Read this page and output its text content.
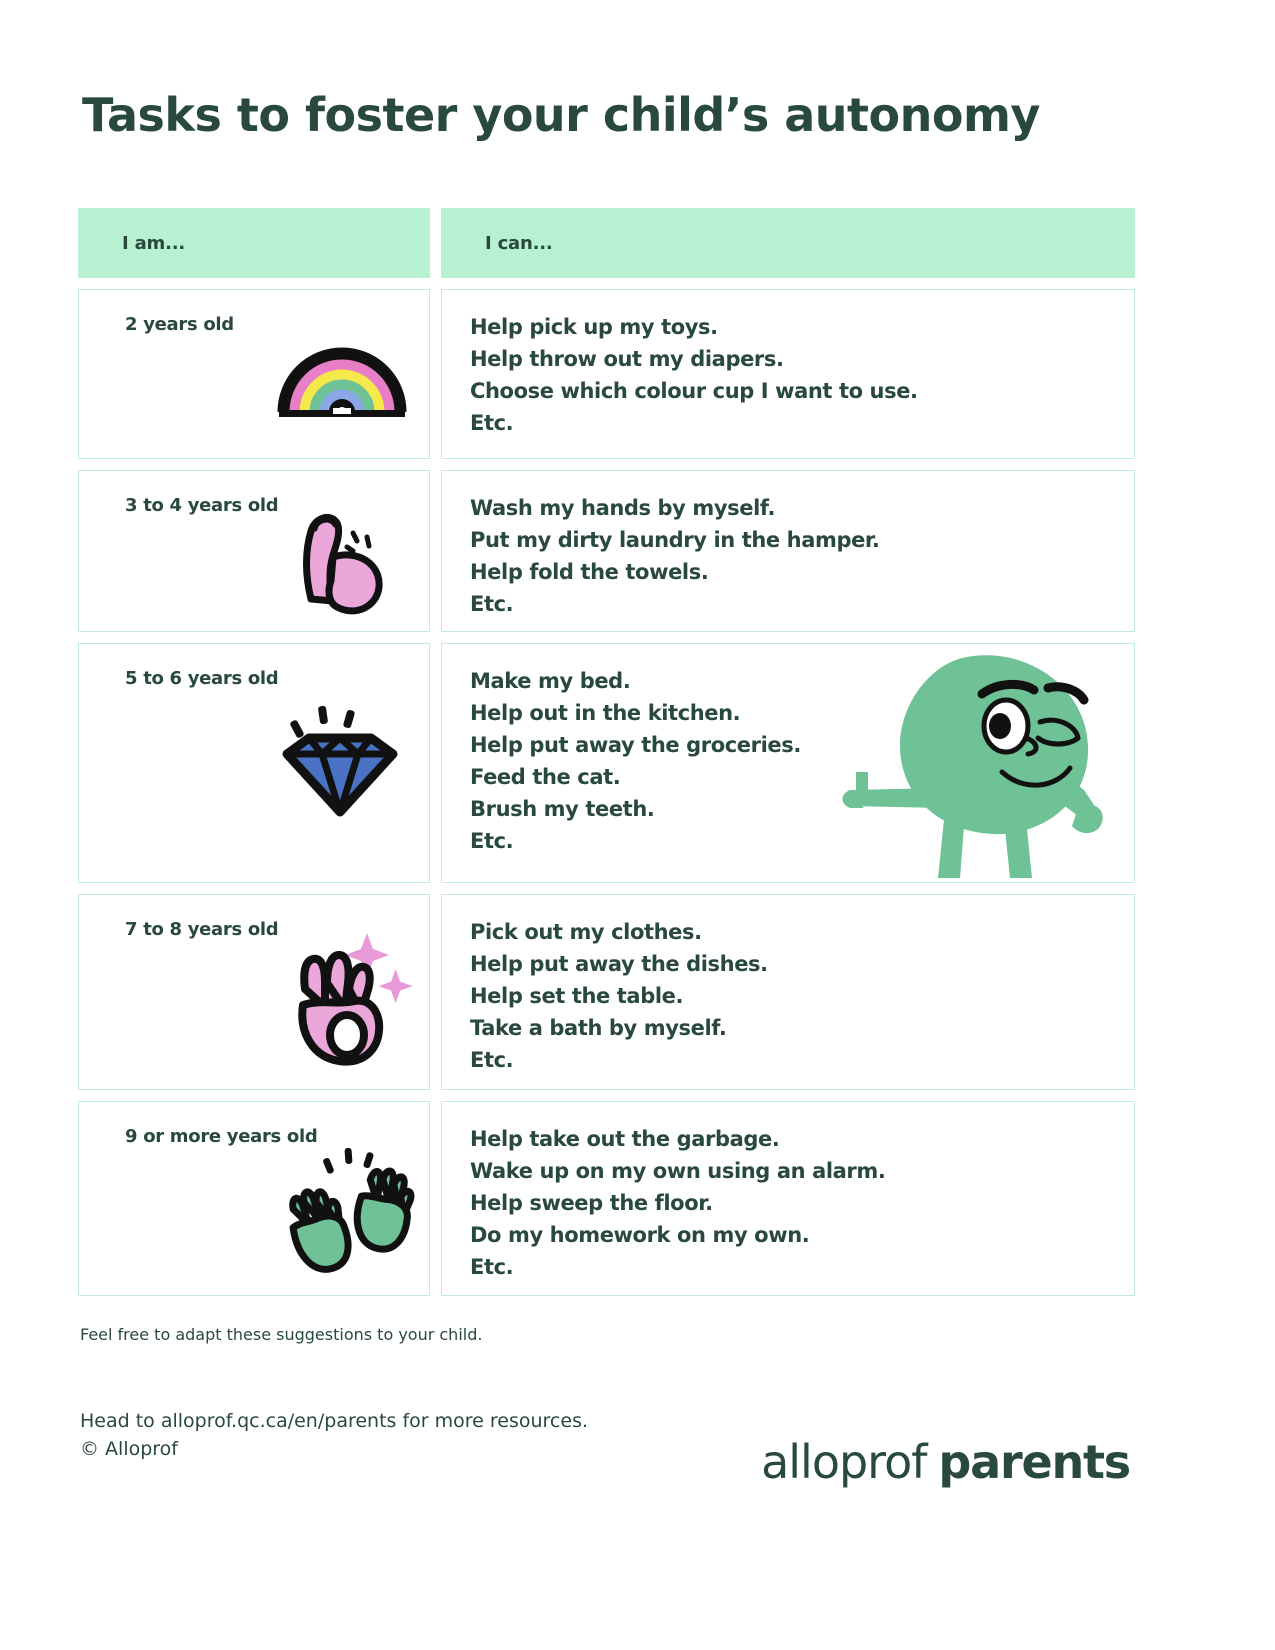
Tasks to foster your child’s autonomy
I am...	I can...
2 years old	Help pick up my toys.
Help throw out my diapers.
Choose which colour cup I want to use.
Etc.
3 to 4 years old	Wash my hands by myself.
Put my dirty laundry in the hamper.
Help fold the towels.
Etc.
5 to 6 years old	Make my bed.
Help out in the kitchen.
Help put away the groceries.
Feed the cat.
Brush my teeth.
Etc.
7 to 8 years old	Pick out my clothes.
Help put away the dishes.
Help set the table.
Take a bath by myself.
Etc.
9 or more years old	Help take out the garbage.
Wake up on my own using an alarm.
Help sweep the floor.
Do my homework on my own.
Etc.
Feel free to adapt these suggestions to your child.
Head to alloprof.qc.ca/en/parents for more resources.
© Alloprof	alloprof parents
